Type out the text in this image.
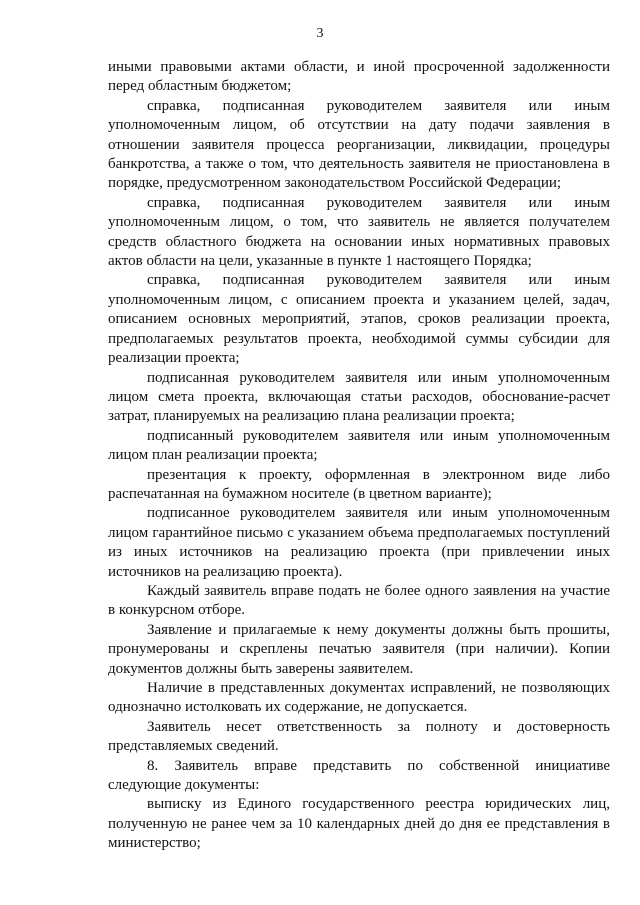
3

иными правовыми актами области, и иной просроченной задолженности перед областным бюджетом;

справка, подписанная руководителем заявителя или иным уполномоченным лицом, об отсутствии на дату подачи заявления в отношении заявителя процесса реорганизации, ликвидации, процедуры банкротства, а также о том, что деятельность заявителя не приостановлена в порядке, предусмотренном законодательством Российской Федерации;

справка, подписанная руководителем заявителя или иным уполномоченным лицом, о том, что заявитель не является получателем средств областного бюджета на основании иных нормативных правовых актов области на цели, указанные в пункте 1 настоящего Порядка;

справка, подписанная руководителем заявителя или иным уполномоченным лицом, с описанием проекта и указанием целей, задач, описанием основных мероприятий, этапов, сроков реализации проекта, предполагаемых результатов проекта, необходимой суммы субсидии для реализации проекта;

подписанная руководителем заявителя или иным уполномоченным лицом смета проекта, включающая статьи расходов, обоснование-расчет затрат, планируемых на реализацию плана реализации проекта;

подписанный руководителем заявителя или иным уполномоченным лицом план реализации проекта;

презентация к проекту, оформленная в электронном виде либо распечатанная на бумажном носителе (в цветном варианте);

подписанное руководителем заявителя или иным уполномоченным лицом гарантийное письмо с указанием объема предполагаемых поступлений из иных источников на реализацию проекта (при привлечении иных источников на реализацию проекта).

Каждый заявитель вправе подать не более одного заявления на участие в конкурсном отборе.

Заявление и прилагаемые к нему документы должны быть прошиты, пронумерованы и скреплены печатью заявителя (при наличии). Копии документов должны быть заверены заявителем.

Наличие в представленных документах исправлений, не позволяющих однозначно истолковать их содержание, не допускается.

Заявитель несет ответственность за полноту и достоверность представляемых сведений.

8. Заявитель вправе представить по собственной инициативе следующие документы:

выписку из Единого государственного реестра юридических лиц, полученную не ранее чем за 10 календарных дней до дня ее представления в министерство;
